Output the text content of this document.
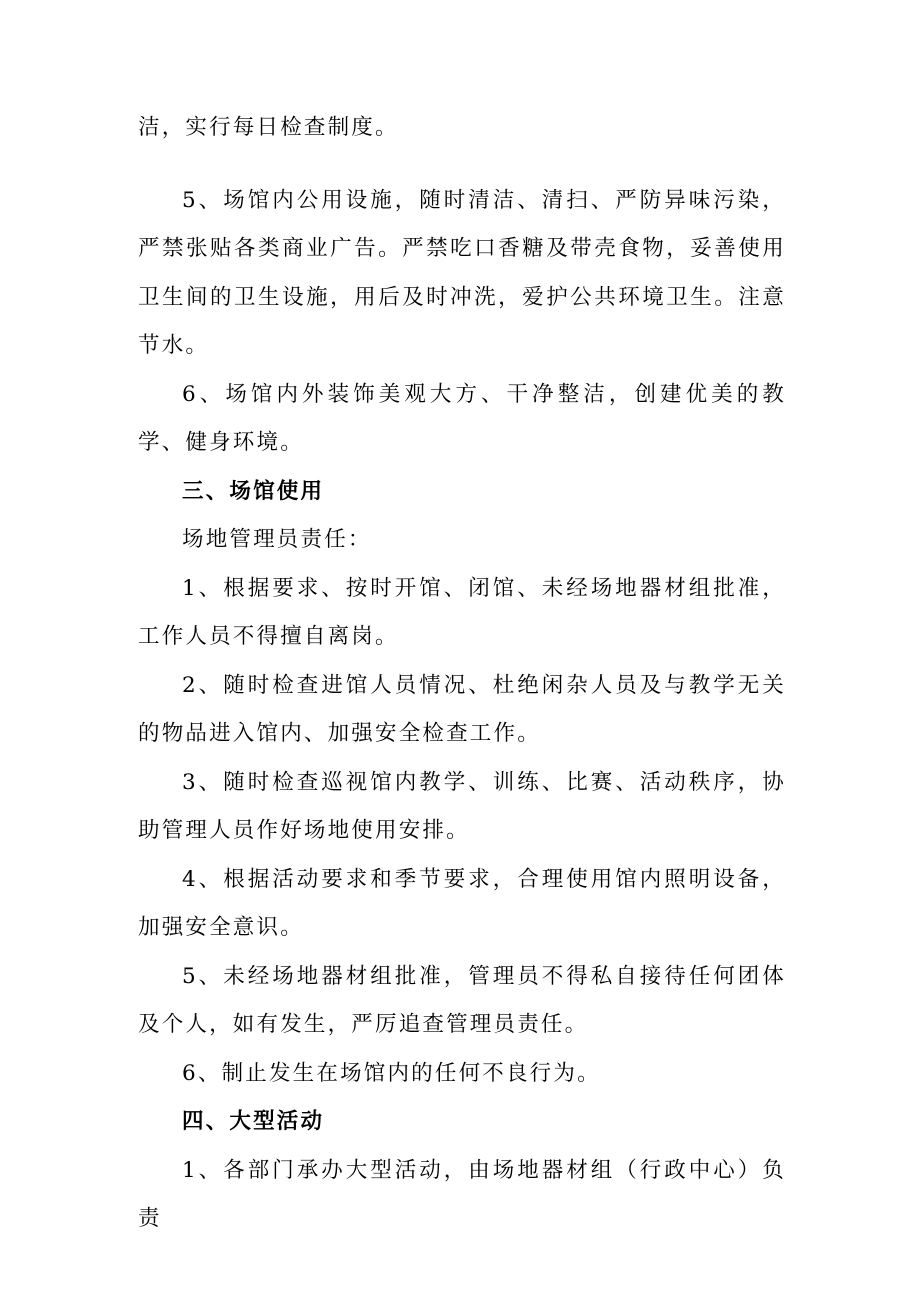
洁，实行每日检查制度。

5、场馆内公用设施，随时清洁、清扫、严防异味污染，严禁张贴各类商业广告。严禁吃口香糖及带壳食物，妥善使用卫生间的卫生设施，用后及时冲洗，爱护公共环境卫生。注意节水。

6、场馆内外装饰美观大方、干净整洁，创建优美的教学、健身环境。

三、场馆使用

场地管理员责任：

1、根据要求、按时开馆、闭馆、未经场地器材组批准，工作人员不得擅自离岗。

2、随时检查进馆人员情况、杜绝闲杂人员及与教学无关的物品进入馆内、加强安全检查工作。

3、随时检查巡视馆内教学、训练、比赛、活动秩序，协助管理人员作好场地使用安排。

4、根据活动要求和季节要求，合理使用馆内照明设备，加强安全意识。

5、未经场地器材组批准，管理员不得私自接待任何团体及个人，如有发生，严厉追查管理员责任。

6、制止发生在场馆内的任何不良行为。

四、大型活动

1、各部门承办大型活动，由场地器材组（行政中心）负责
